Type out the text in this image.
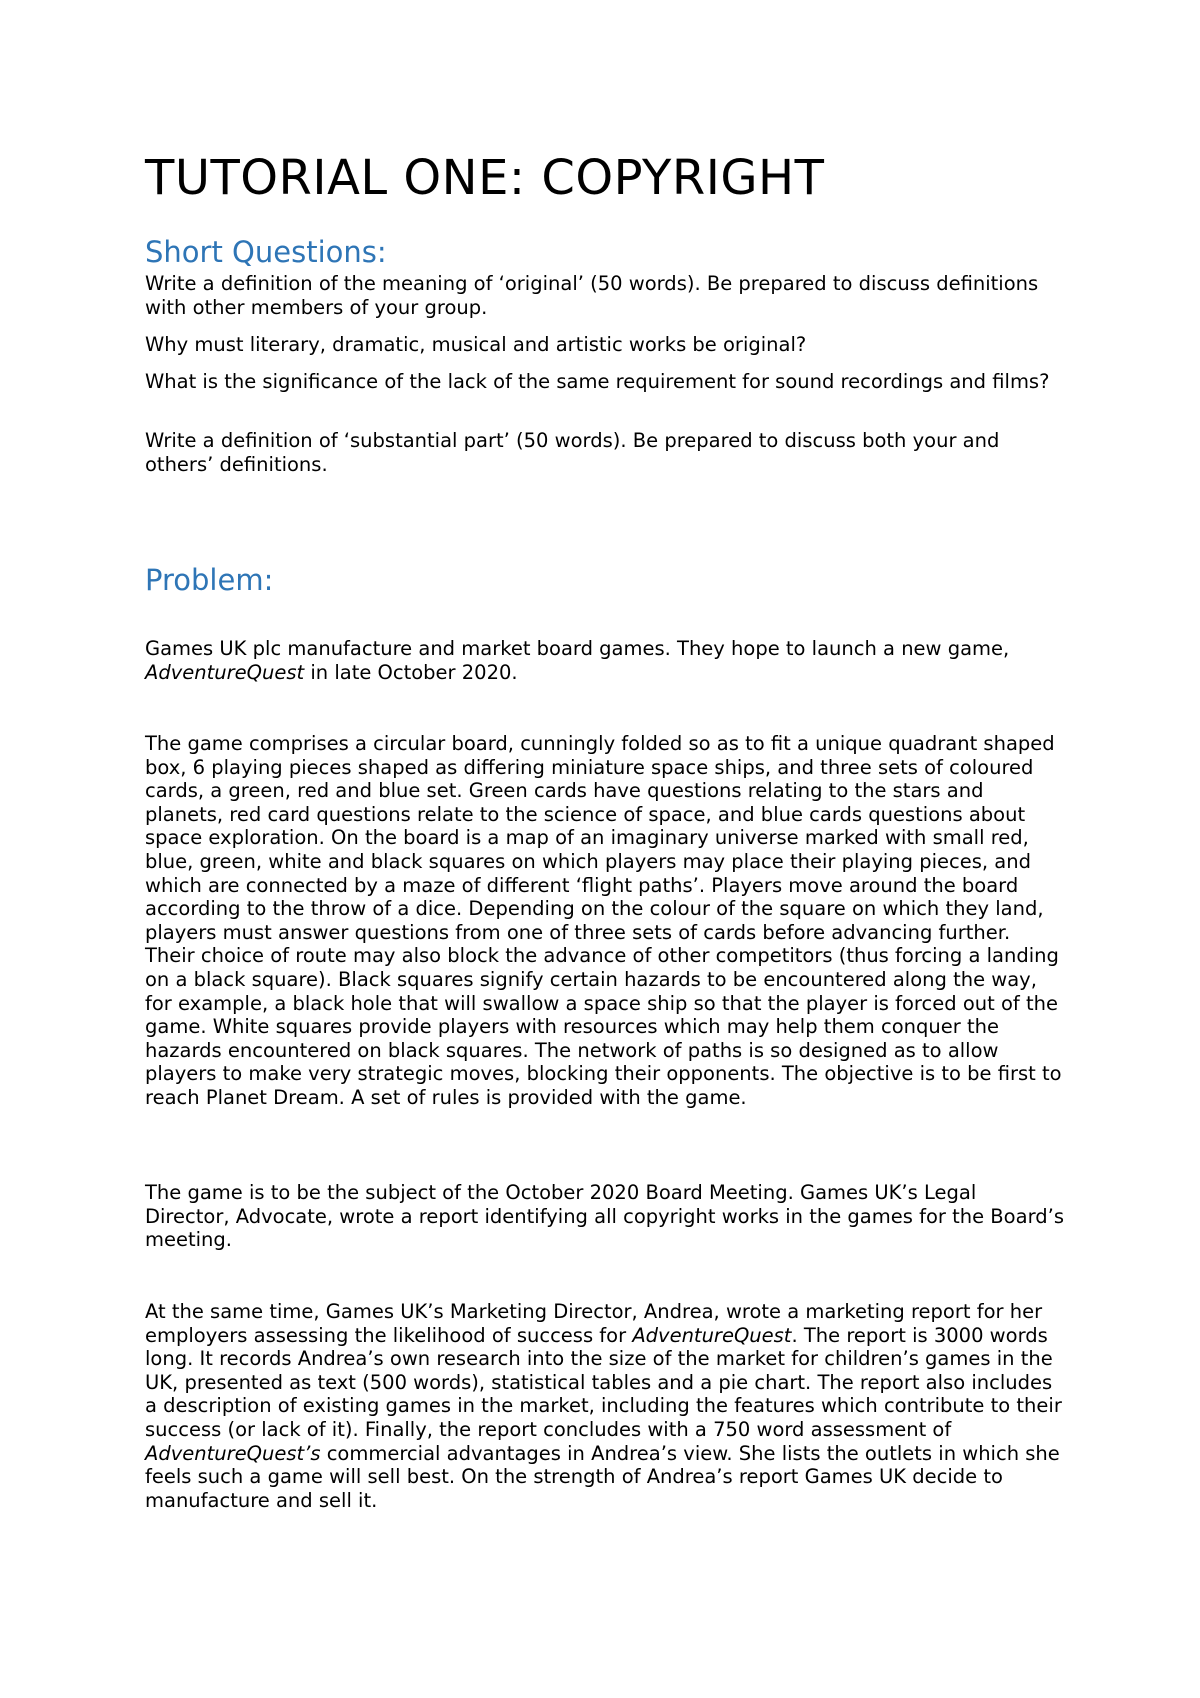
TUTORIAL ONE: COPYRIGHT
Short Questions:

Write a definition of the meaning of ‘original’ (50 words). Be prepared to discuss definitions with other members of your group.

Why must literary, dramatic, musical and artistic works be original?

What is the significance of the lack of the same requirement for sound recordings and films?

Write a definition of ‘substantial part’ (50 words). Be prepared to discuss both your and others’ definitions.

Problem:

Games UK plc manufacture and market board games. They hope to launch a new game, AdventureQuest in late October 2020.

The game comprises a circular board, cunningly folded so as to fit a unique quadrant shaped box, 6 playing pieces shaped as differing miniature space ships, and three sets of coloured cards, a green, red and blue set. Green cards have questions relating to the stars and planets, red card questions relate to the science of space, and blue cards questions about space exploration. On the board is a map of an imaginary universe marked with small red, blue, green, white and black squares on which players may place their playing pieces, and which are connected by a maze of different ‘flight paths’. Players move around the board according to the throw of a dice. Depending on the colour of the square on which they land, players must answer questions from one of three sets of cards before advancing further. Their choice of route may also block the advance of other competitors (thus forcing a landing on a black square). Black squares signify certain hazards to be encountered along the way, for example, a black hole that will swallow a space ship so that the player is forced out of the game. White squares provide players with resources which may help them conquer the hazards encountered on black squares. The network of paths is so designed as to allow players to make very strategic moves, blocking their opponents. The objective is to be first to reach Planet Dream. A set of rules is provided with the game.

The game is to be the subject of the October 2020 Board Meeting. Games UK’s Legal Director, Advocate, wrote a report identifying all copyright works in the games for the Board’s meeting.

At the same time, Games UK’s Marketing Director, Andrea, wrote a marketing report for her employers assessing the likelihood of success for AdventureQuest. The report is 3000 words long. It records Andrea’s own research into the size of the market for children’s games in the UK, presented as text (500 words), statistical tables and a pie chart. The report also includes a description of existing games in the market, including the features which contribute to their success (or lack of it). Finally, the report concludes with a 750 word assessment of AdventureQuest’s commercial advantages in Andrea’s view. She lists the outlets in which she feels such a game will sell best. On the strength of Andrea’s report Games UK decide to manufacture and sell it.
